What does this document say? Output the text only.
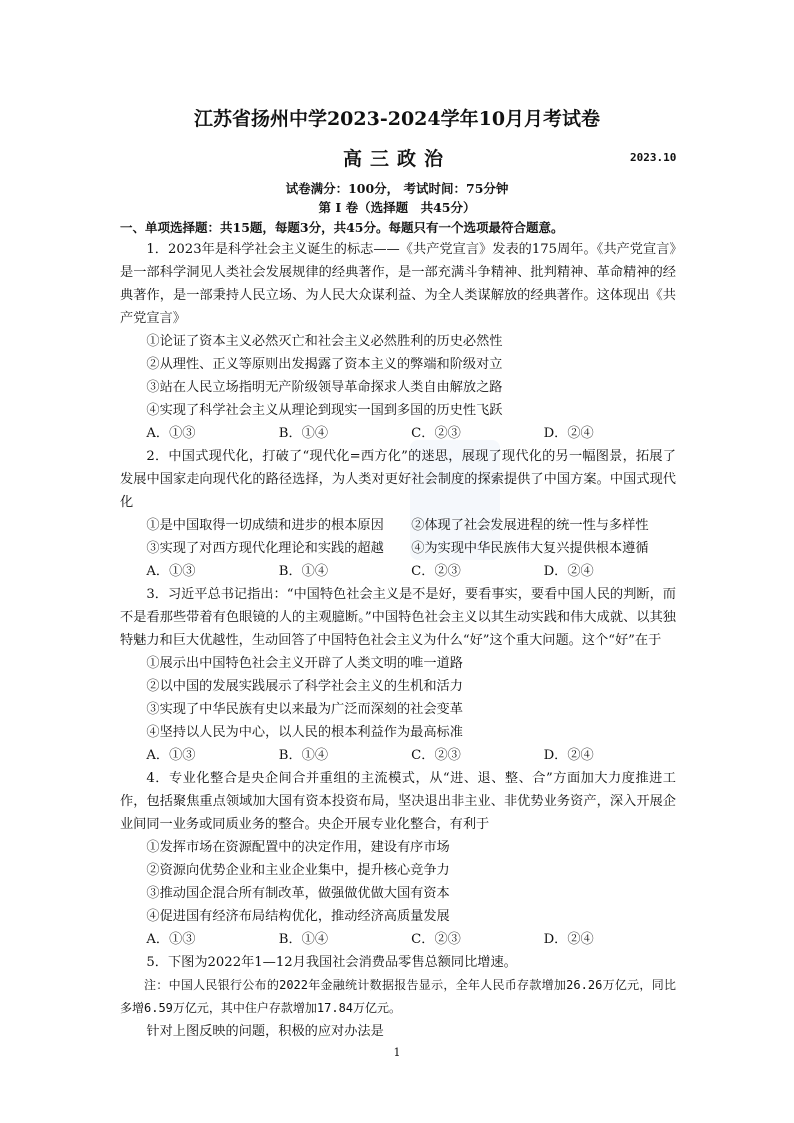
江苏省扬州中学2023-2024学年10月月考试卷
高三政治	2023.10
试卷满分：100分， 考试时间：75分钟
第 Ⅰ 卷（选择题　共45分）
一、单项选择题：共15题，每题3分，共45分。每题只有一个选项最符合题意。

1．2023年是科学社会主义诞生的标志——《共产党宣言》发表的175周年。《共产党宣言》是一部科学洞见人类社会发展规律的经典著作，是一部充满斗争精神、批判精神、革命精神的经典著作，是一部秉持人民立场、为人民大众谋利益、为全人类谋解放的经典著作。这体现出《共产党宣言》

①论证了资本主义必然灭亡和社会主义必然胜利的历史必然性

②从理性、正义等原则出发揭露了资本主义的弊端和阶级对立

③站在人民立场指明无产阶级领导革命探求人类自由解放之路

④实现了科学社会主义从理论到现实一国到多国的历史性飞跃

A．①③	B．①④	C．②③	D．②④

2．中国式现代化，打破了“现代化=西方化”的迷思，展现了现代化的另一幅图景，拓展了发展中国家走向现代化的路径选择，为人类对更好社会制度的探索提供了中国方案。中国式现代化

①是中国取得一切成绩和进步的根本原因	②体现了社会发展进程的统一性与多样性
③实现了对西方现代化理论和实践的超越	④为实现中华民族伟大复兴提供根本遵循
A．①③	B．①④	C．②③	D．②④

3．习近平总书记指出：“中国特色社会主义是不是好，要看事实，要看中国人民的判断，而不是看那些带着有色眼镜的人的主观臆断。”中国特色社会主义以其生动实践和伟大成就、以其独特魅力和巨大优越性，生动回答了中国特色社会主义为什么“好”这个重大问题。这个“好”在于

①展示出中国特色社会主义开辟了人类文明的唯一道路

②以中国的发展实践展示了科学社会主义的生机和活力

③实现了中华民族有史以来最为广泛而深刻的社会变革

④坚持以人民为中心，以人民的根本利益作为最高标准

A．①③	B．①④	C．②③	D．②④

4．专业化整合是央企间合并重组的主流模式，从“进、退、整、合”方面加大力度推进工作，包括聚焦重点领域加大国有资本投资布局，坚决退出非主业、非优势业务资产，深入开展企业间同一业务或同质业务的整合。央企开展专业化整合，有利于

①发挥市场在资源配置中的决定作用，建设有序市场

②资源向优势企业和主业企业集中，提升核心竞争力

③推动国企混合所有制改革，做强做优做大国有资本

④促进国有经济布局结构优化，推动经济高质量发展

A．①③	B．①④	C．②③	D．②④

5．下图为2022年1—12月我国社会消费品零售总额同比增速。

注：中国人民银行公布的2022年金融统计数据报告显示，全年人民币存款增加26.26万亿元，同比多增6.59万亿元，其中住户存款增加17.84万亿元。

针对上图反映的问题，积极的应对办法是

1
